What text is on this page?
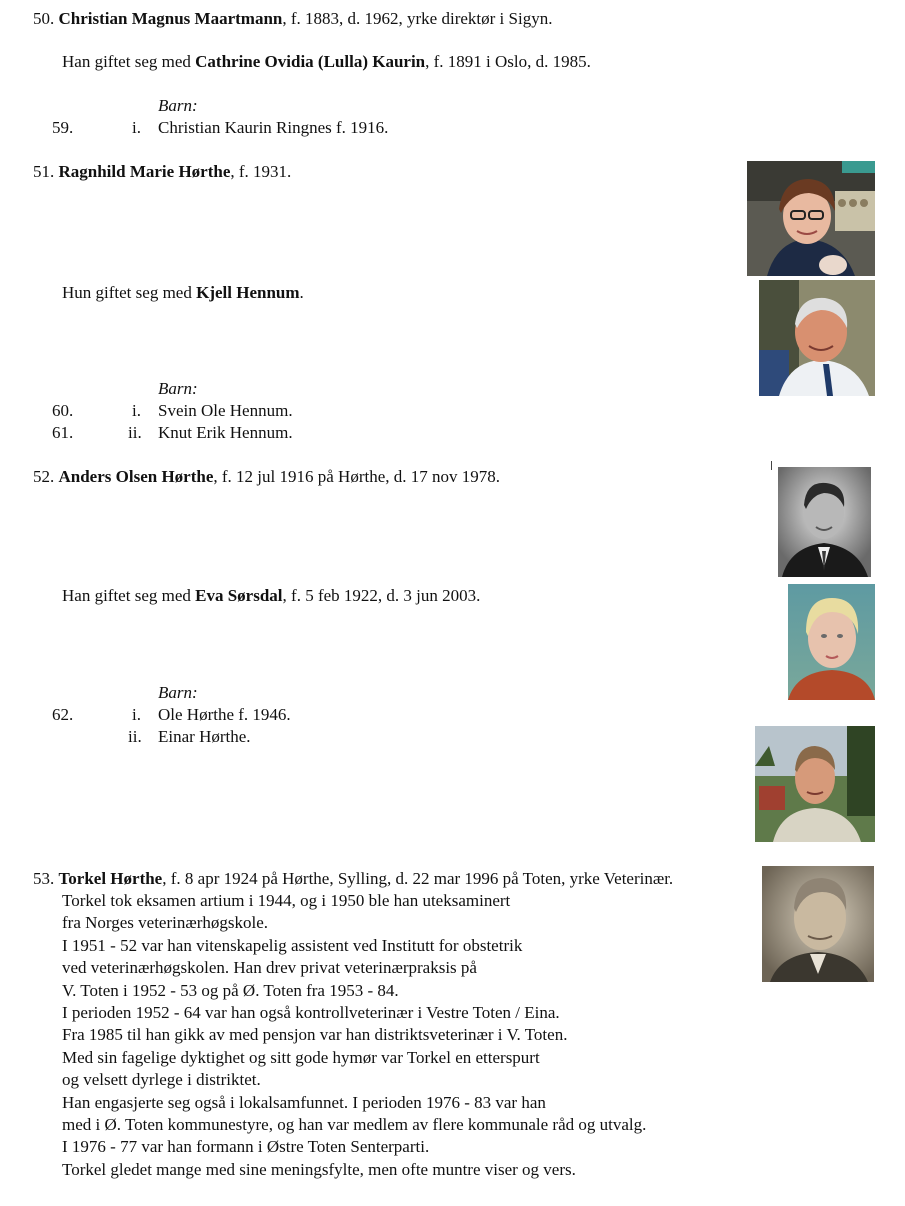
50. Christian Magnus Maartmann, f. 1883, d. 1962, yrke direktør i Sigyn.
Han giftet seg med Cathrine Ovidia (Lulla) Kaurin, f. 1891 i Oslo, d. 1985.
Barn:
59.	i. Christian Kaurin Ringnes f. 1916.
51. Ragnhild Marie Hørthe, f. 1931.
Hun giftet seg med Kjell Hennum.
Barn:
60.	i. Svein Ole Hennum.
61.	ii. Knut Erik Hennum.
52. Anders Olsen Hørthe, f. 12 jul 1916 på Hørthe, d. 17 nov 1978.
Han giftet seg med Eva Sørsdal, f. 5 feb 1922, d. 3 jun 2003.
Barn:
62.	i. Ole Hørthe f. 1946.
ii. Einar Hørthe.
53. Torkel Hørthe, f. 8 apr 1924 på Hørthe, Sylling, d. 22 mar 1996 på Toten, yrke Veterinær.
Torkel tok eksamen artium i 1944, og i 1950 ble han uteksaminert
fra Norges veterinærhøgskole.
I 1951 - 52 var han vitenskapelig assistent ved Institutt for obstetrik
ved veterinærhøgskolen. Han drev privat veterinærpraksis på
V. Toten i 1952 - 53 og på Ø. Toten fra 1953 - 84.
I perioden 1952 - 64 var han også kontrollveterinær i Vestre Toten / Eina.
Fra 1985 til han gikk av med pensjon var han distriktsveterinær i V. Toten.
Med sin fagelige dyktighet og sitt gode hymør var Torkel en etterspurt
og velsett dyrlege i distriktet.
Han engasjerte seg også i lokalsamfunnet. I perioden 1976 - 83 var han
med i Ø. Toten kommunestyre, og han var medlem av flere kommunale råd og utvalg.
I 1976 - 77 var han formann i Østre Toten Senterparti.
Torkel gledet mange med sine meningsfylte, men ofte muntre viser og vers.
